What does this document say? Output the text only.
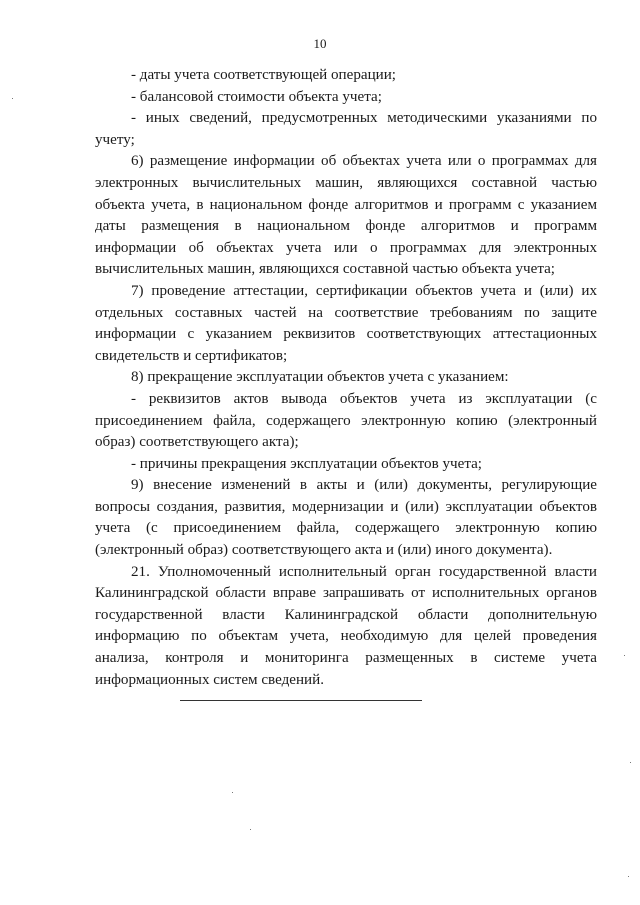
10

- даты учета соответствующей операции;

- балансовой стоимости объекта учета;

- иных сведений, предусмотренных методическими указаниями по учету;

6) размещение информации об объектах учета или о программах для электронных вычислительных машин, являющихся составной частью объекта учета, в национальном фонде алгоритмов и программ с указанием даты размещения в национальном фонде алгоритмов и программ информации об объектах учета или о программах для электронных вычислительных машин, являющихся составной частью объекта учета;

7) проведение аттестации, сертификации объектов учета и (или) их отдельных составных частей на соответствие требованиям по защите информации с указанием реквизитов соответствующих аттестационных свидетельств и сертификатов;

8) прекращение эксплуатации объектов учета с указанием:

- реквизитов актов вывода объектов учета из эксплуатации (с присоединением файла, содержащего электронную копию (электронный образ) соответствующего акта);

- причины прекращения эксплуатации объектов учета;

9) внесение изменений в акты и (или) документы, регулирующие вопросы создания, развития, модернизации и (или) эксплуатации объектов учета (с присоединением файла, содержащего электронную копию (электронный образ) соответствующего акта и (или) иного документа).

21. Уполномоченный исполнительный орган государственной власти Калининградской области вправе запрашивать от исполнительных органов государственной власти Калининградской области дополнительную информацию по объектам учета, необходимую для целей проведения анализа, контроля и мониторинга размещенных в системе учета информационных систем сведений.
